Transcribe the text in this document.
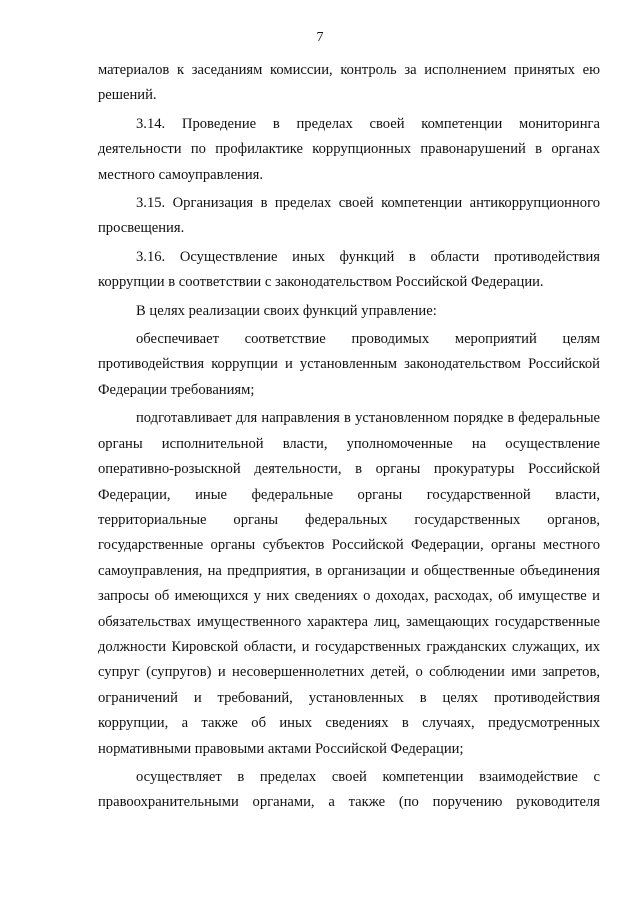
7

материалов к заседаниям комиссии, контроль за исполнением принятых ею решений.

3.14. Проведение в пределах своей компетенции мониторинга деятельности по профилактике коррупционных правонарушений в органах местного самоуправления.

3.15. Организация в пределах своей компетенции антикоррупционного просвещения.

3.16. Осуществление иных функций в области противодействия коррупции в соответствии с законодательством Российской Федерации.

В целях реализации своих функций управление:

обеспечивает соответствие проводимых мероприятий целям противодействия коррупции и установленным законодательством Российской Федерации требованиям;

подготавливает для направления в установленном порядке в федеральные органы исполнительной власти, уполномоченные на осуществление оперативно-розыскной деятельности, в органы прокуратуры Российской Федерации, иные федеральные органы государственной власти, территориальные органы федеральных государственных органов, государственные органы субъектов Российской Федерации, органы местного самоуправления, на предприятия, в организации и общественные объединения запросы об имеющихся у них сведениях о доходах, расходах, об имуществе и обязательствах имущественного характера лиц, замещающих государственные должности Кировской области, и государственных гражданских служащих, их супруг (супругов) и несовершеннолетних детей, о соблюдении ими запретов, ограничений и требований, установленных в целях противодействия коррупции, а также об иных сведениях в случаях, предусмотренных нормативными правовыми актами Российской Федерации;

осуществляет в пределах своей компетенции взаимодействие с правоохранительными органами, а также (по поручению руководителя
